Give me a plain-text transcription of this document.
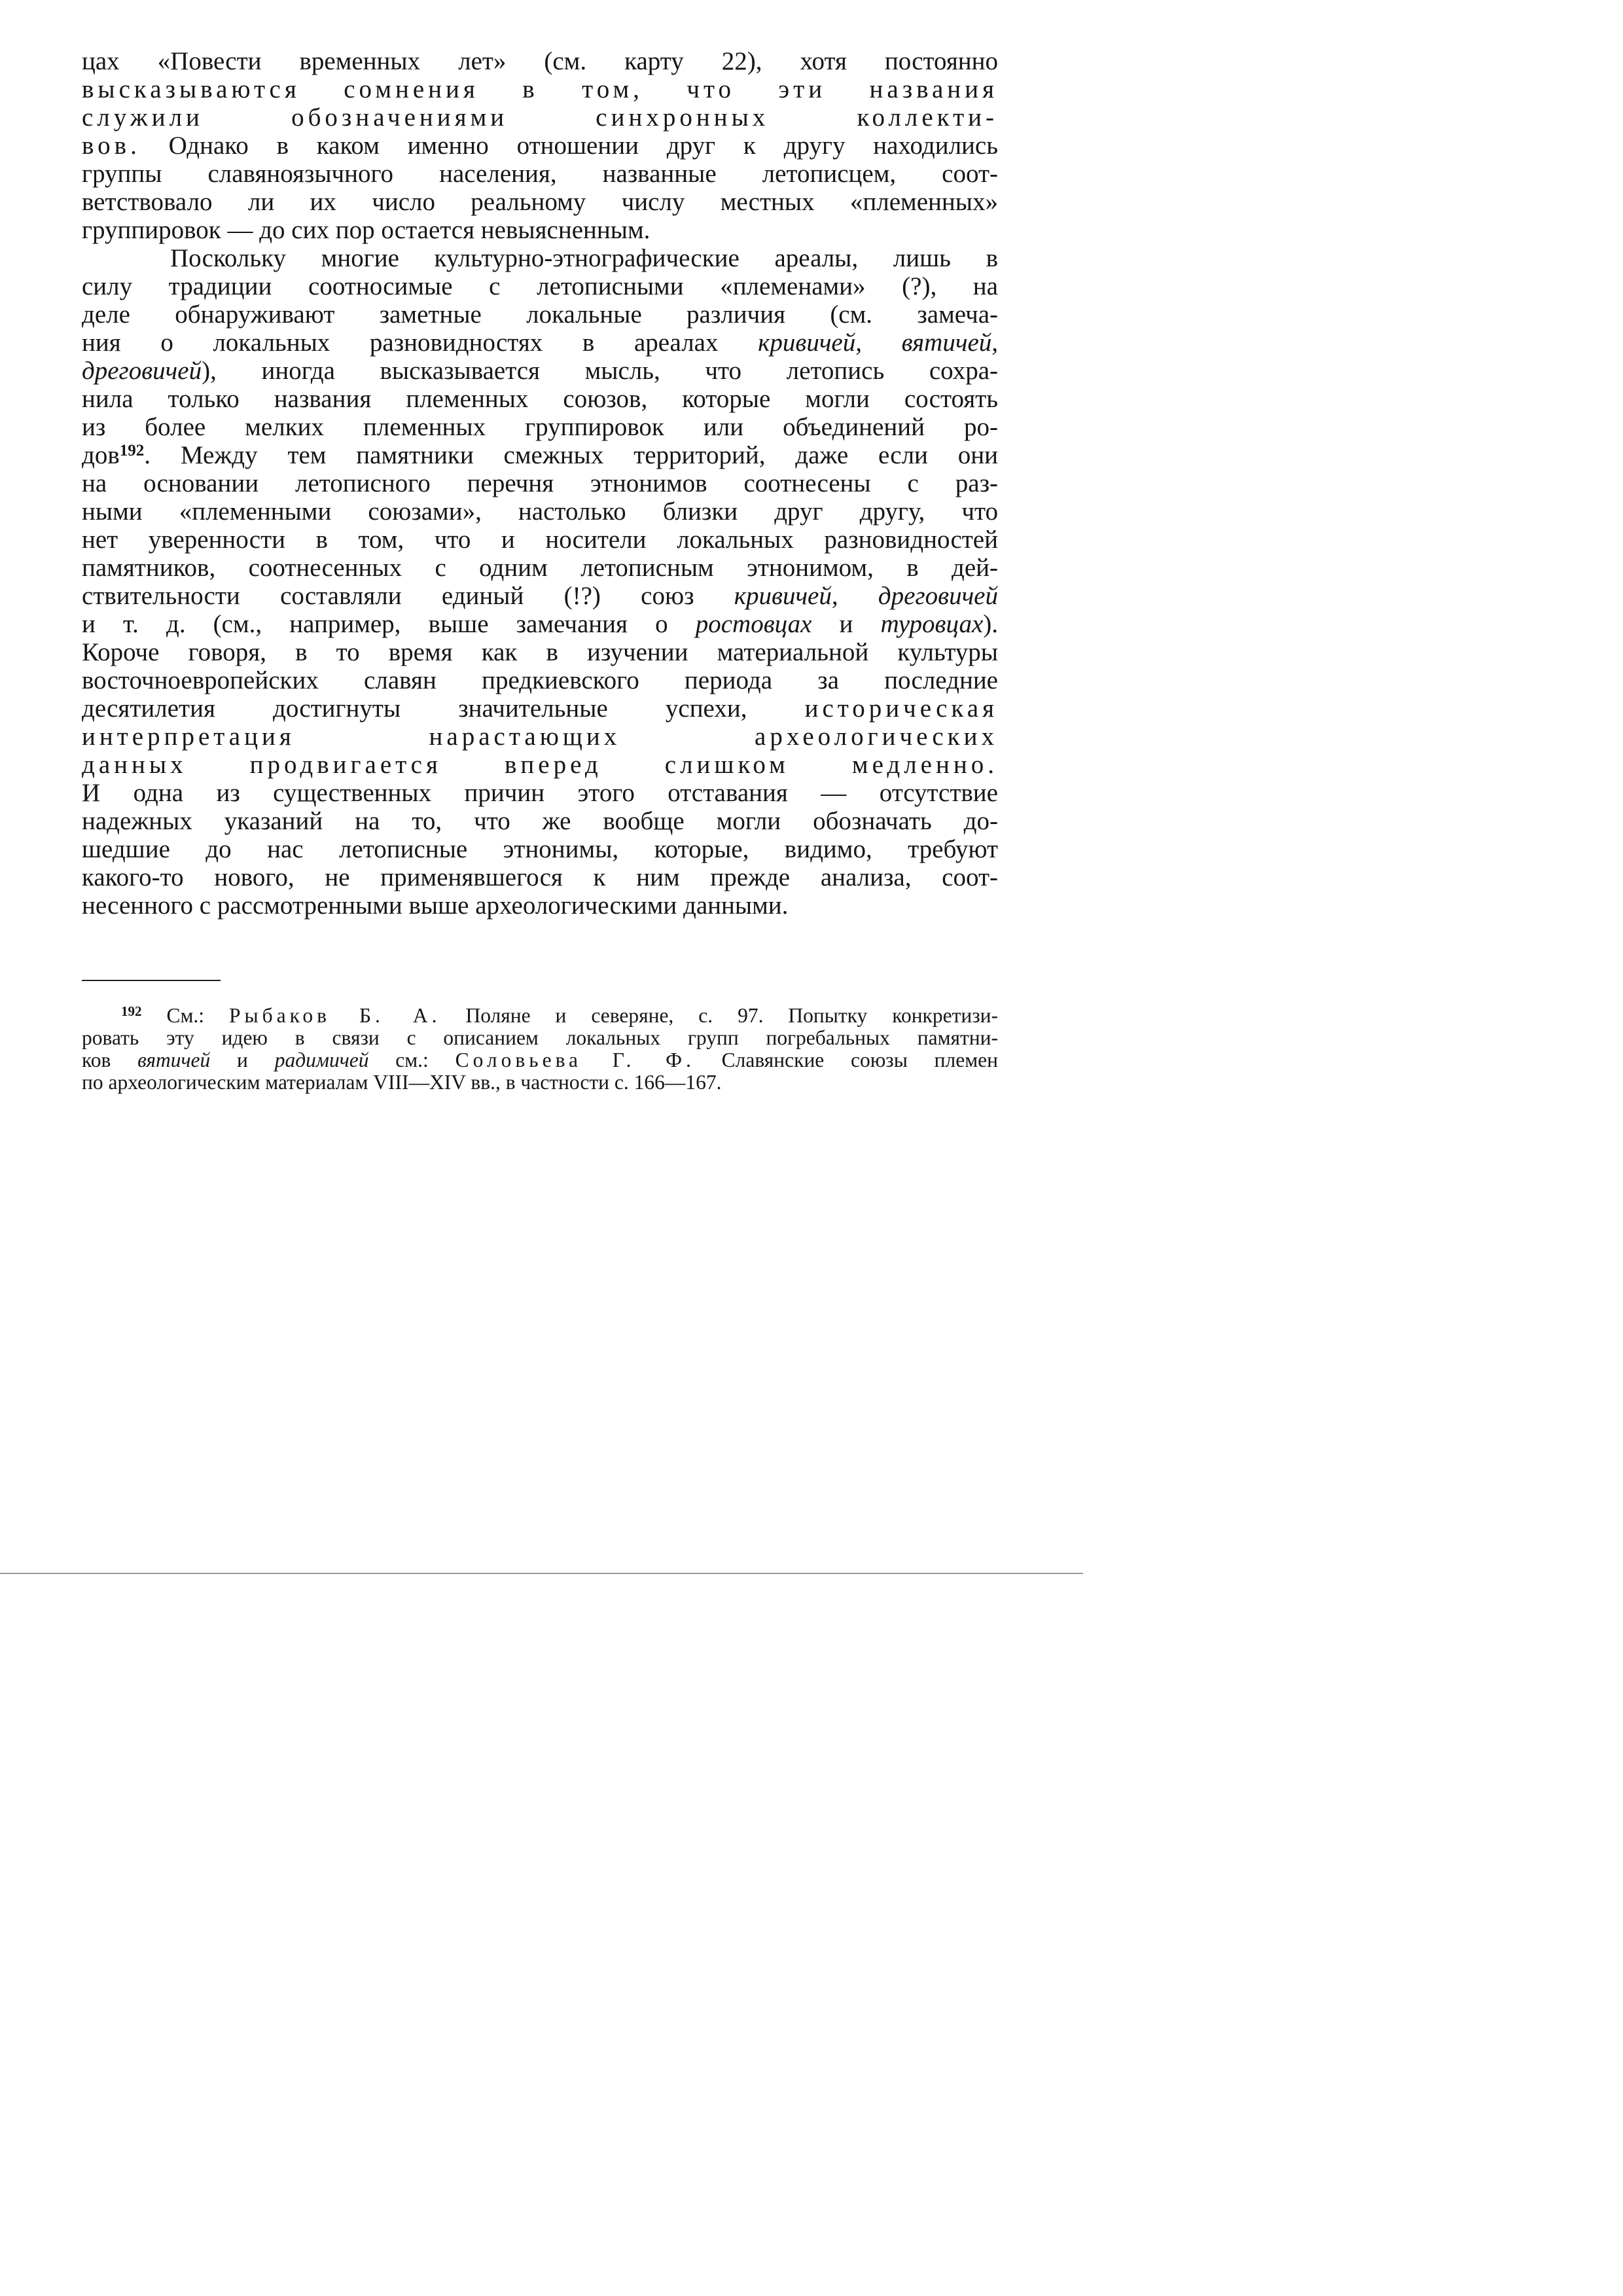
цах «Повести временных лет» (см. карту 22), хотя постоянно
высказываются сомнения в том, что эти названия
служили обозначениями синхронных коллекти-
вов. Однако в каком именно отношении друг к другу находились
группы славяноязычного населения, названные летописцем, соот-
ветствовало ли их число реальному числу местных «племенных»
группировок — до сих пор остается невыясненным.
Поскольку многие культурно-этнографические ареалы, лишь в
силу традиции соотносимые с летописными «племенами» (?), на
деле обнаруживают заметные локальные различия (см. замеча-
ния о локальных разновидностях в ареалах кривичей, вятичей,
дреговичей), иногда высказывается мысль, что летопись сохра-
нила только названия племенных союзов, которые могли состоять
из более мелких племенных группировок или объединений ро-
дов$^{192}$. Между тем памятники смежных территорий, даже если они
на основании летописного перечня этнонимов соотнесены с раз-
ными «племенными союзами», настолько близки друг другу, что
нет уверенности в том, что и носители локальных разновидностей
памятников, соотнесенных с одним летописным этнонимом, в дей-
ствительности составляли единый (!?) союз кривичей, дреговичей
и т. д. (см., например, выше замечания о ростовцах и туровцах).
Короче говоря, в то время как в изучении материальной культуры
восточноевропейских славян предкиевского периода за последние
десятилетия достигнуты значительные успехи, историческая
интерпретация нарастающих археологических
данных продвигается вперед слишком медленно.
И одна из существенных причин этого отставания — отсутствие
надежных указаний на то, что же вообще могли обозначать до-
шедшие до нас летописные этнонимы, которые, видимо, требуют
какого-то нового, не применявшегося к ним прежде анализа, соот-
несенного с рассмотренными выше археологическими данными.
$^{192}$ См.: Рыбаков Б. А. Поляне и северяне, с. 97. Попытку конкретизи-
ровать эту идею в связи с описанием локальных групп погребальных памятни-
ков вятичей и радимичей см.: Соловьева Г. Ф. Славянские союзы племен
по археологическим материалам VIII—XIV вв., в частности с. 166—167.
